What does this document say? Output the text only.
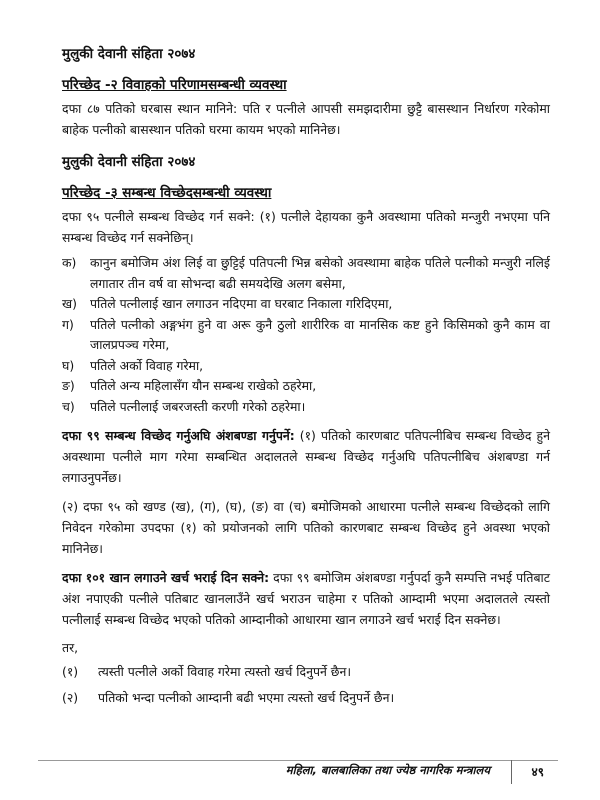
मुलुकी देवानी संहिता २०७४

परिच्छेद -२ विवाहको परिणामसम्बन्धी व्यवस्था

दफा ८७ पतिको घरबास स्थान मानिने: पति र पत्नीले आपसी समझदारीमा छुट्टै बासस्थान निर्धारण गरेकोमा बाहेक पत्नीको बासस्थान पतिको घरमा कायम भएको मानिनेछ।

मुलुकी देवानी संहिता २०७४

परिच्छेद -३ सम्बन्ध विच्छेदसम्बन्धी व्यवस्था

दफा ९५ पत्नीले सम्बन्ध विच्छेद गर्न सक्ने: (१) पत्नीले देहायका कुनै अवस्थामा पतिको मन्जुरी नभएमा पनि सम्बन्ध विच्छेद गर्न सक्नेछिन्।

क)	कानुन बमोजिम अंश लिई वा छुट्टिई पतिपत्नी भिन्न बसेको अवस्थामा बाहेक पतिले पत्नीको मन्जुरी नलिई लगातार तीन वर्ष वा सोभन्दा बढी समयदेखि अलग बसेमा,
ख)	पतिले पत्नीलाई खान लगाउन नदिएमा वा घरबाट निकाला गरिदिएमा,
ग)	पतिले पत्नीको अङ्गभंग हुने वा अरू कुनै ठुलो शारीरिक वा मानसिक कष्ट हुने किसिमको कुनै काम वा जालप्रपञ्च गरेमा,
घ)	पतिले अर्को विवाह गरेमा,
ङ)	पतिले अन्य महिलासँग यौन सम्बन्ध राखेको ठहरेमा,
च)	पतिले पत्नीलाई जबरजस्ती करणी गरेको ठहरेमा।

दफा ९९ सम्बन्ध विच्छेद गर्नुअघि अंशबण्डा गर्नुपर्ने: (१) पतिको कारणबाट पतिपत्नीबिच सम्बन्ध विच्छेद हुने अवस्थामा पत्नीले माग गरेमा सम्बन्धित अदालतले सम्बन्ध विच्छेद गर्नुअघि पतिपत्नीबिच अंशबण्डा गर्न लगाउनुपर्नेछ।

(२) दफा ९५ को खण्ड (ख), (ग), (घ), (ङ) वा (च) बमोजिमको आधारमा पत्नीले सम्बन्ध विच्छेदको लागि निवेदन गरेकोमा उपदफा (१) को प्रयोजनको लागि पतिको कारणबाट सम्बन्ध विच्छेद हुने अवस्था भएको मानिनेछ।

दफा १०१ खान लगाउने खर्च भराई दिन सक्ने: दफा ९९ बमोजिम अंशबण्डा गर्नुपर्दा कुनै सम्पत्ति नभई पतिबाट अंश नपाएकी पत्नीले पतिबाट खानलाउँने खर्च भराउन चाहेमा र पतिको आम्दामी भएमा अदालतले त्यस्तो पत्नीलाई सम्बन्ध विच्छेद भएको पतिको आम्दानीको आधारमा खान लगाउने खर्च भराई दिन सक्नेछ।

तर,

(१)	त्यस्ती पत्नीले अर्को विवाह गरेमा त्यस्तो खर्च दिनुपर्ने छैन।
(२)	पतिको भन्दा पत्नीको आम्दानी बढी भएमा त्यस्तो खर्च दिनुपर्ने छैन।
महिला, बालबालिका तथा ज्येष्ठ नागरिक मन्त्रालय	४९
